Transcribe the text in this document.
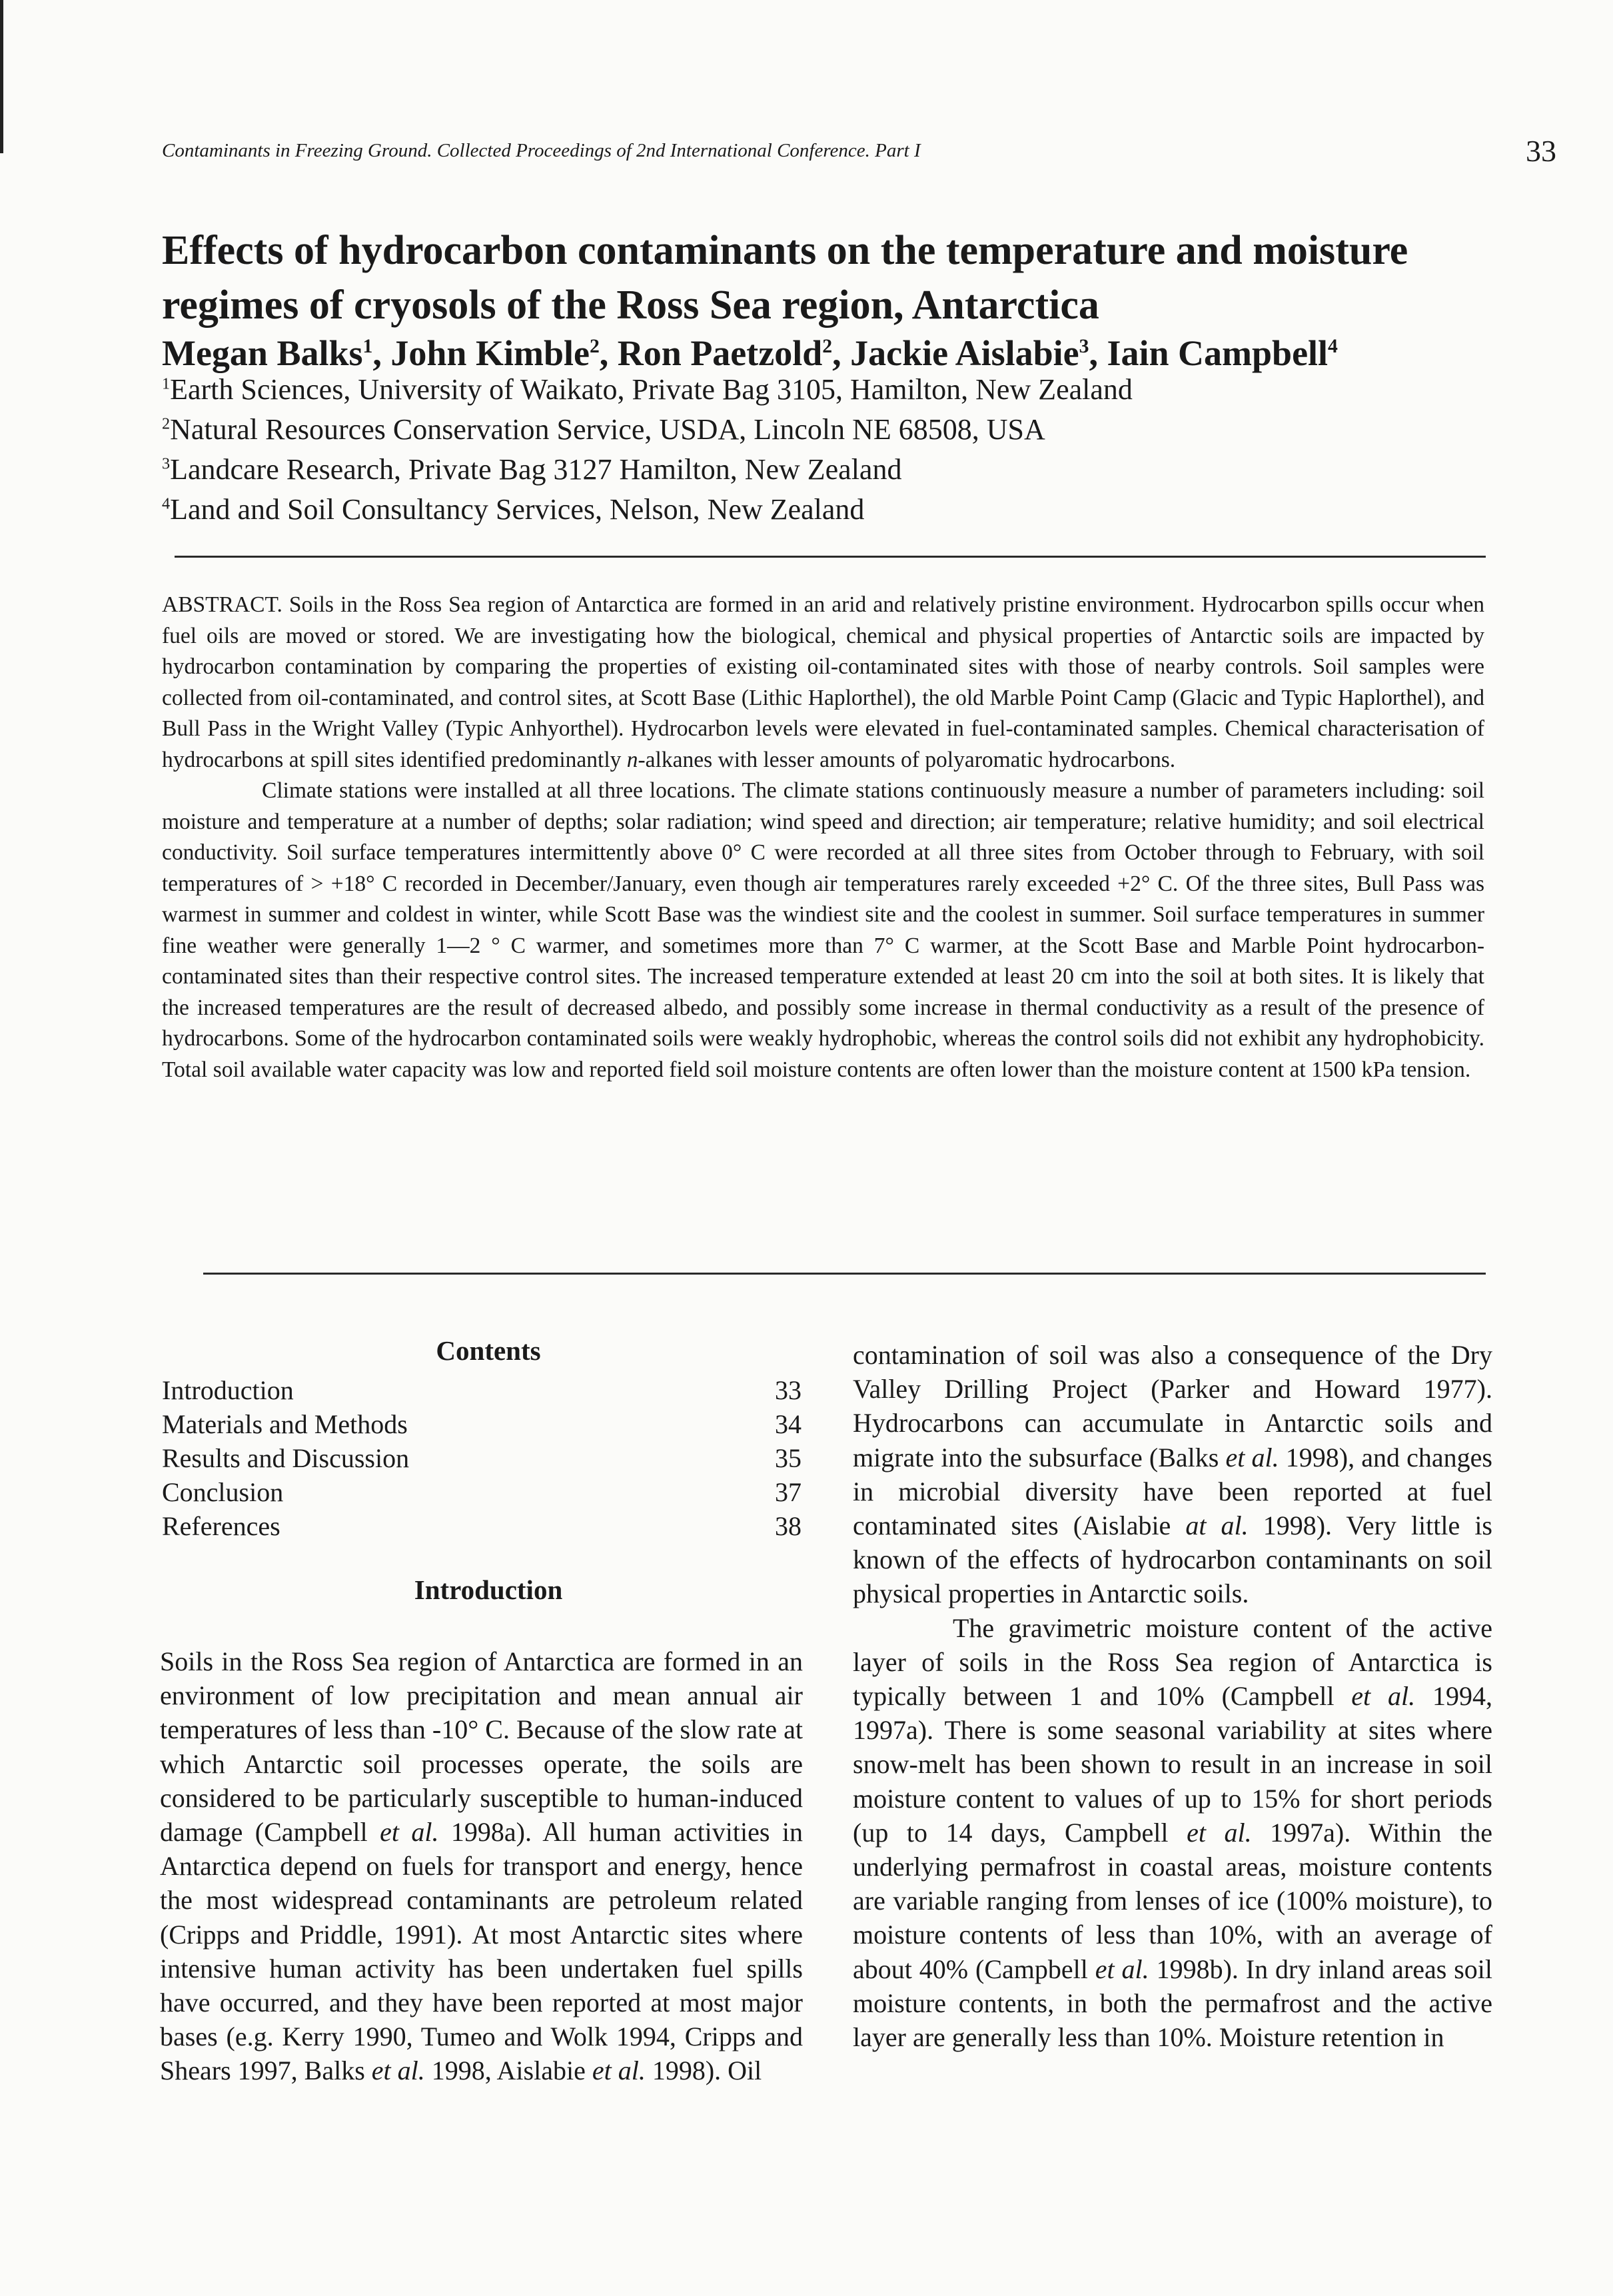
Contaminants in Freezing Ground. Collected Proceedings of 2nd International Conference. Part I	33
Effects of hydrocarbon contaminants on the temperature and moisture
regimes of cryosols of the Ross Sea region, Antarctica
Megan Balks$^1$, John Kimble$^2$, Ron Paetzold$^2$, Jackie Aislabie$^3$, Iain Campbell$^4$
$^1$Earth Sciences, University of Waikato, Private Bag 3105, Hamilton, New Zealand
$^2$Natural Resources Conservation Service, USDA, Lincoln NE 68508, USA
$^3$Landcare Research, Private Bag 3127 Hamilton, New Zealand
$^4$Land and Soil Consultancy Services, Nelson, New Zealand

ABSTRACT. Soils in the Ross Sea region of Antarctica are formed in an arid and relatively pristine environment. Hydrocarbon spills occur when fuel oils are moved or stored. We are investigating how the biological, chemical and physical properties of Antarctic soils are impacted by hydrocarbon contamination by comparing the properties of existing oil-contaminated sites with those of nearby controls. Soil samples were collected from oil-contaminated, and control sites, at Scott Base (Lithic Haplorthel), the old Marble Point Camp (Glacic and Typic Haplorthel), and Bull Pass in the Wright Valley (Typic Anhyorthel). Hydrocarbon levels were elevated in fuel-contaminated samples. Chemical characterisation of hydrocarbons at spill sites identified predominantly n-alkanes with lesser amounts of polyaromatic hydrocarbons.

Climate stations were installed at all three locations. The climate stations continuously measure a number of parameters including: soil moisture and temperature at a number of depths; solar radiation; wind speed and direction; air temperature; relative humidity; and soil electrical conductivity. Soil surface temperatures intermittently above 0° C were recorded at all three sites from October through to February, with soil temperatures of > +18° C recorded in December/January, even though air temperatures rarely exceeded +2° C. Of the three sites, Bull Pass was warmest in summer and coldest in winter, while Scott Base was the windiest site and the coolest in summer. Soil surface temperatures in summer fine weather were generally 1—2 ° C warmer, and sometimes more than 7° C warmer, at the Scott Base and Marble Point hydrocarbon-contaminated sites than their respective control sites. The increased temperature extended at least 20 cm into the soil at both sites. It is likely that the increased temperatures are the result of decreased albedo, and possibly some increase in thermal conductivity as a result of the presence of hydrocarbons. Some of the hydrocarbon contaminated soils were weakly hydrophobic, whereas the control soils did not exhibit any hydrophobicity. Total soil available water capacity was low and reported field soil moisture contents are often lower than the moisture content at 1500 kPa tension.

Contents
Introduction	33
Materials and Methods	34
Results and Discussion	35
Conclusion	37
References	38
Introduction

Soils in the Ross Sea region of Antarctica are formed in an environment of low precipitation and mean annual air temperatures of less than -10° C. Because of the slow rate at which Antarctic soil processes operate, the soils are considered to be particularly susceptible to human-induced damage (Campbell et al. 1998a). All human activities in Antarctica depend on fuels for transport and energy, hence the most widespread contaminants are petroleum related (Cripps and Priddle, 1991). At most Antarctic sites where intensive human activity has been undertaken fuel spills have occurred, and they have been reported at most major bases (e.g. Kerry 1990, Tumeo and Wolk 1994, Cripps and Shears 1997, Balks et al. 1998, Aislabie et al. 1998). Oil

contamination of soil was also a consequence of the Dry Valley Drilling Project (Parker and Howard 1977). Hydrocarbons can accumulate in Antarctic soils and migrate into the subsurface (Balks et al. 1998), and changes in microbial diversity have been reported at fuel contaminated sites (Aislabie at al. 1998). Very little is known of the effects of hydrocarbon contaminants on soil physical properties in Antarctic soils.

The gravimetric moisture content of the active layer of soils in the Ross Sea region of Antarctica is typically between 1 and 10% (Campbell et al. 1994, 1997a). There is some seasonal variability at sites where snow-melt has been shown to result in an increase in soil moisture content to values of up to 15% for short periods (up to 14 days, Campbell et al. 1997a). Within the underlying permafrost in coastal areas, moisture contents are variable ranging from lenses of ice (100% moisture), to moisture contents of less than 10%, with an average of about 40% (Campbell et al. 1998b). In dry inland areas soil moisture contents, in both the permafrost and the active layer are generally less than 10%. Moisture retention in
